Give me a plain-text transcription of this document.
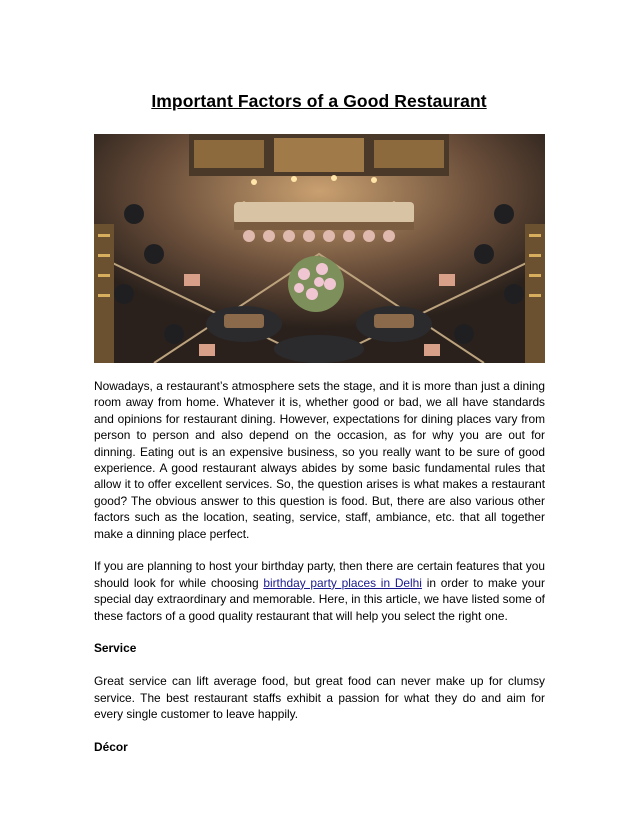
Important Factors of a Good Restaurant

Nowadays, a restaurant’s atmosphere sets the stage, and it is more than just a dining room away from home. Whatever it is, whether good or bad, we all have standards and opinions for restaurant dining. However, expectations for dining places vary from person to person and also depend on the occasion, as for why you are out for dinning. Eating out is an expensive business, so you really want to be sure of good experience. A good restaurant always abides by some basic fundamental rules that allow it to offer excellent services. So, the question arises is what makes a restaurant good? The obvious answer to this question is food. But, there are also various other factors such as the location, seating, service, staff, ambiance, etc. that all together make a dinning place perfect.

If you are planning to host your birthday party, then there are certain features that you should look for while choosing birthday party places in Delhi in order to make your special day extraordinary and memorable. Here, in this article, we have listed some of these factors of a good quality restaurant that will help you select the right one.

Service

Great service can lift average food, but great food can never make up for clumsy service. The best restaurant staffs exhibit a passion for what they do and aim for every single customer to leave happily.

Décor
